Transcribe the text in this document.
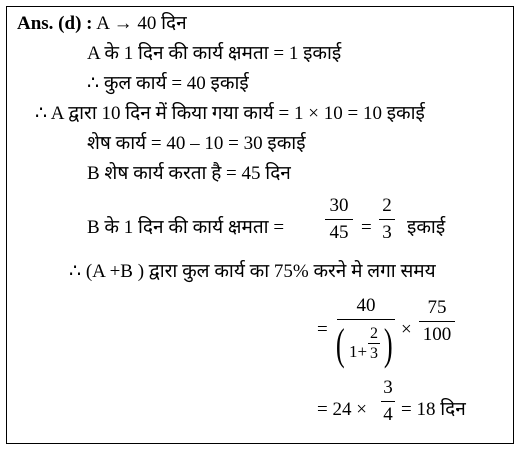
Ans. (d) : A → 40 दिन
A के 1 दिन की कार्य क्षमता = 1 इकाई
∴ कुल कार्य = 40 इकाई
∴ A द्वारा 10 दिन में किया गया कार्य = 1 × 10 = 10 इकाई
शेष कार्य = 40 – 10 = 30 इकाई
B शेष कार्य करता है = 45 दिन
B के 1 दिन की कार्य क्षमता =
30
45 =
2
3 इकाई
∴ (A +B ) द्वारा कुल कार्य का 75% करने मे लगा समय
=
40
( 1+
2
3 ) ×
75
100
= 24 ×
3
4 = 18 दिन
